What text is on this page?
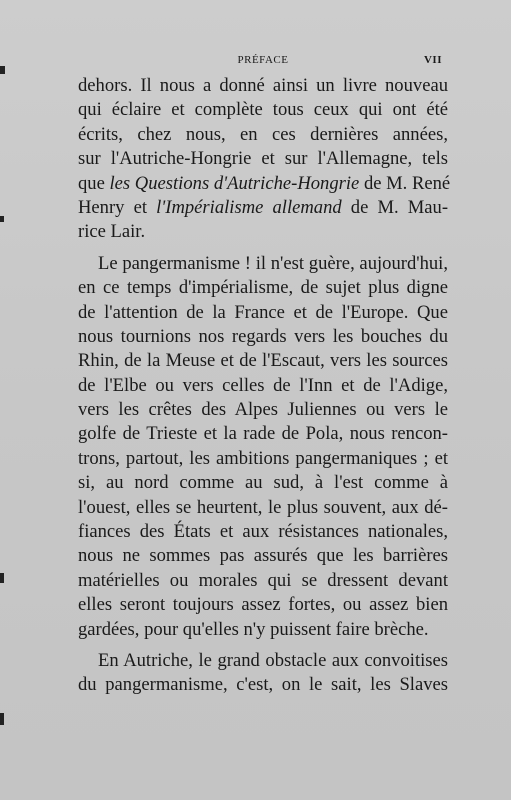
PRÉFACE	VII
dehors. Il nous a donné ainsi un livre nouveau
qui éclaire et complète tous ceux qui ont été
écrits, chez nous, en ces dernières années,
sur l'Autriche-Hongrie et sur l'Allemagne, tels
que les Questions d'Autriche-Hongrie de M. René
Henry et l'Impérialisme allemand de M. Mau-
rice Lair.
Le pangermanisme ! il n'est guère, aujourd'hui,
en ce temps d'impérialisme, de sujet plus digne
de l'attention de la France et de l'Europe. Que
nous tournions nos regards vers les bouches du
Rhin, de la Meuse et de l'Escaut, vers les sources
de l'Elbe ou vers celles de l'Inn et de l'Adige,
vers les crêtes des Alpes Juliennes ou vers le
golfe de Trieste et la rade de Pola, nous rencon-
trons, partout, les ambitions pangermaniques ; et
si, au nord comme au sud, à l'est comme à
l'ouest, elles se heurtent, le plus souvent, aux dé-
fiances des États et aux résistances nationales,
nous ne sommes pas assurés que les barrières
matérielles ou morales qui se dressent devant
elles seront toujours assez fortes, ou assez bien
gardées, pour qu'elles n'y puissent faire brèche.
En Autriche, le grand obstacle aux convoitises
du pangermanisme, c'est, on le sait, les Slaves
